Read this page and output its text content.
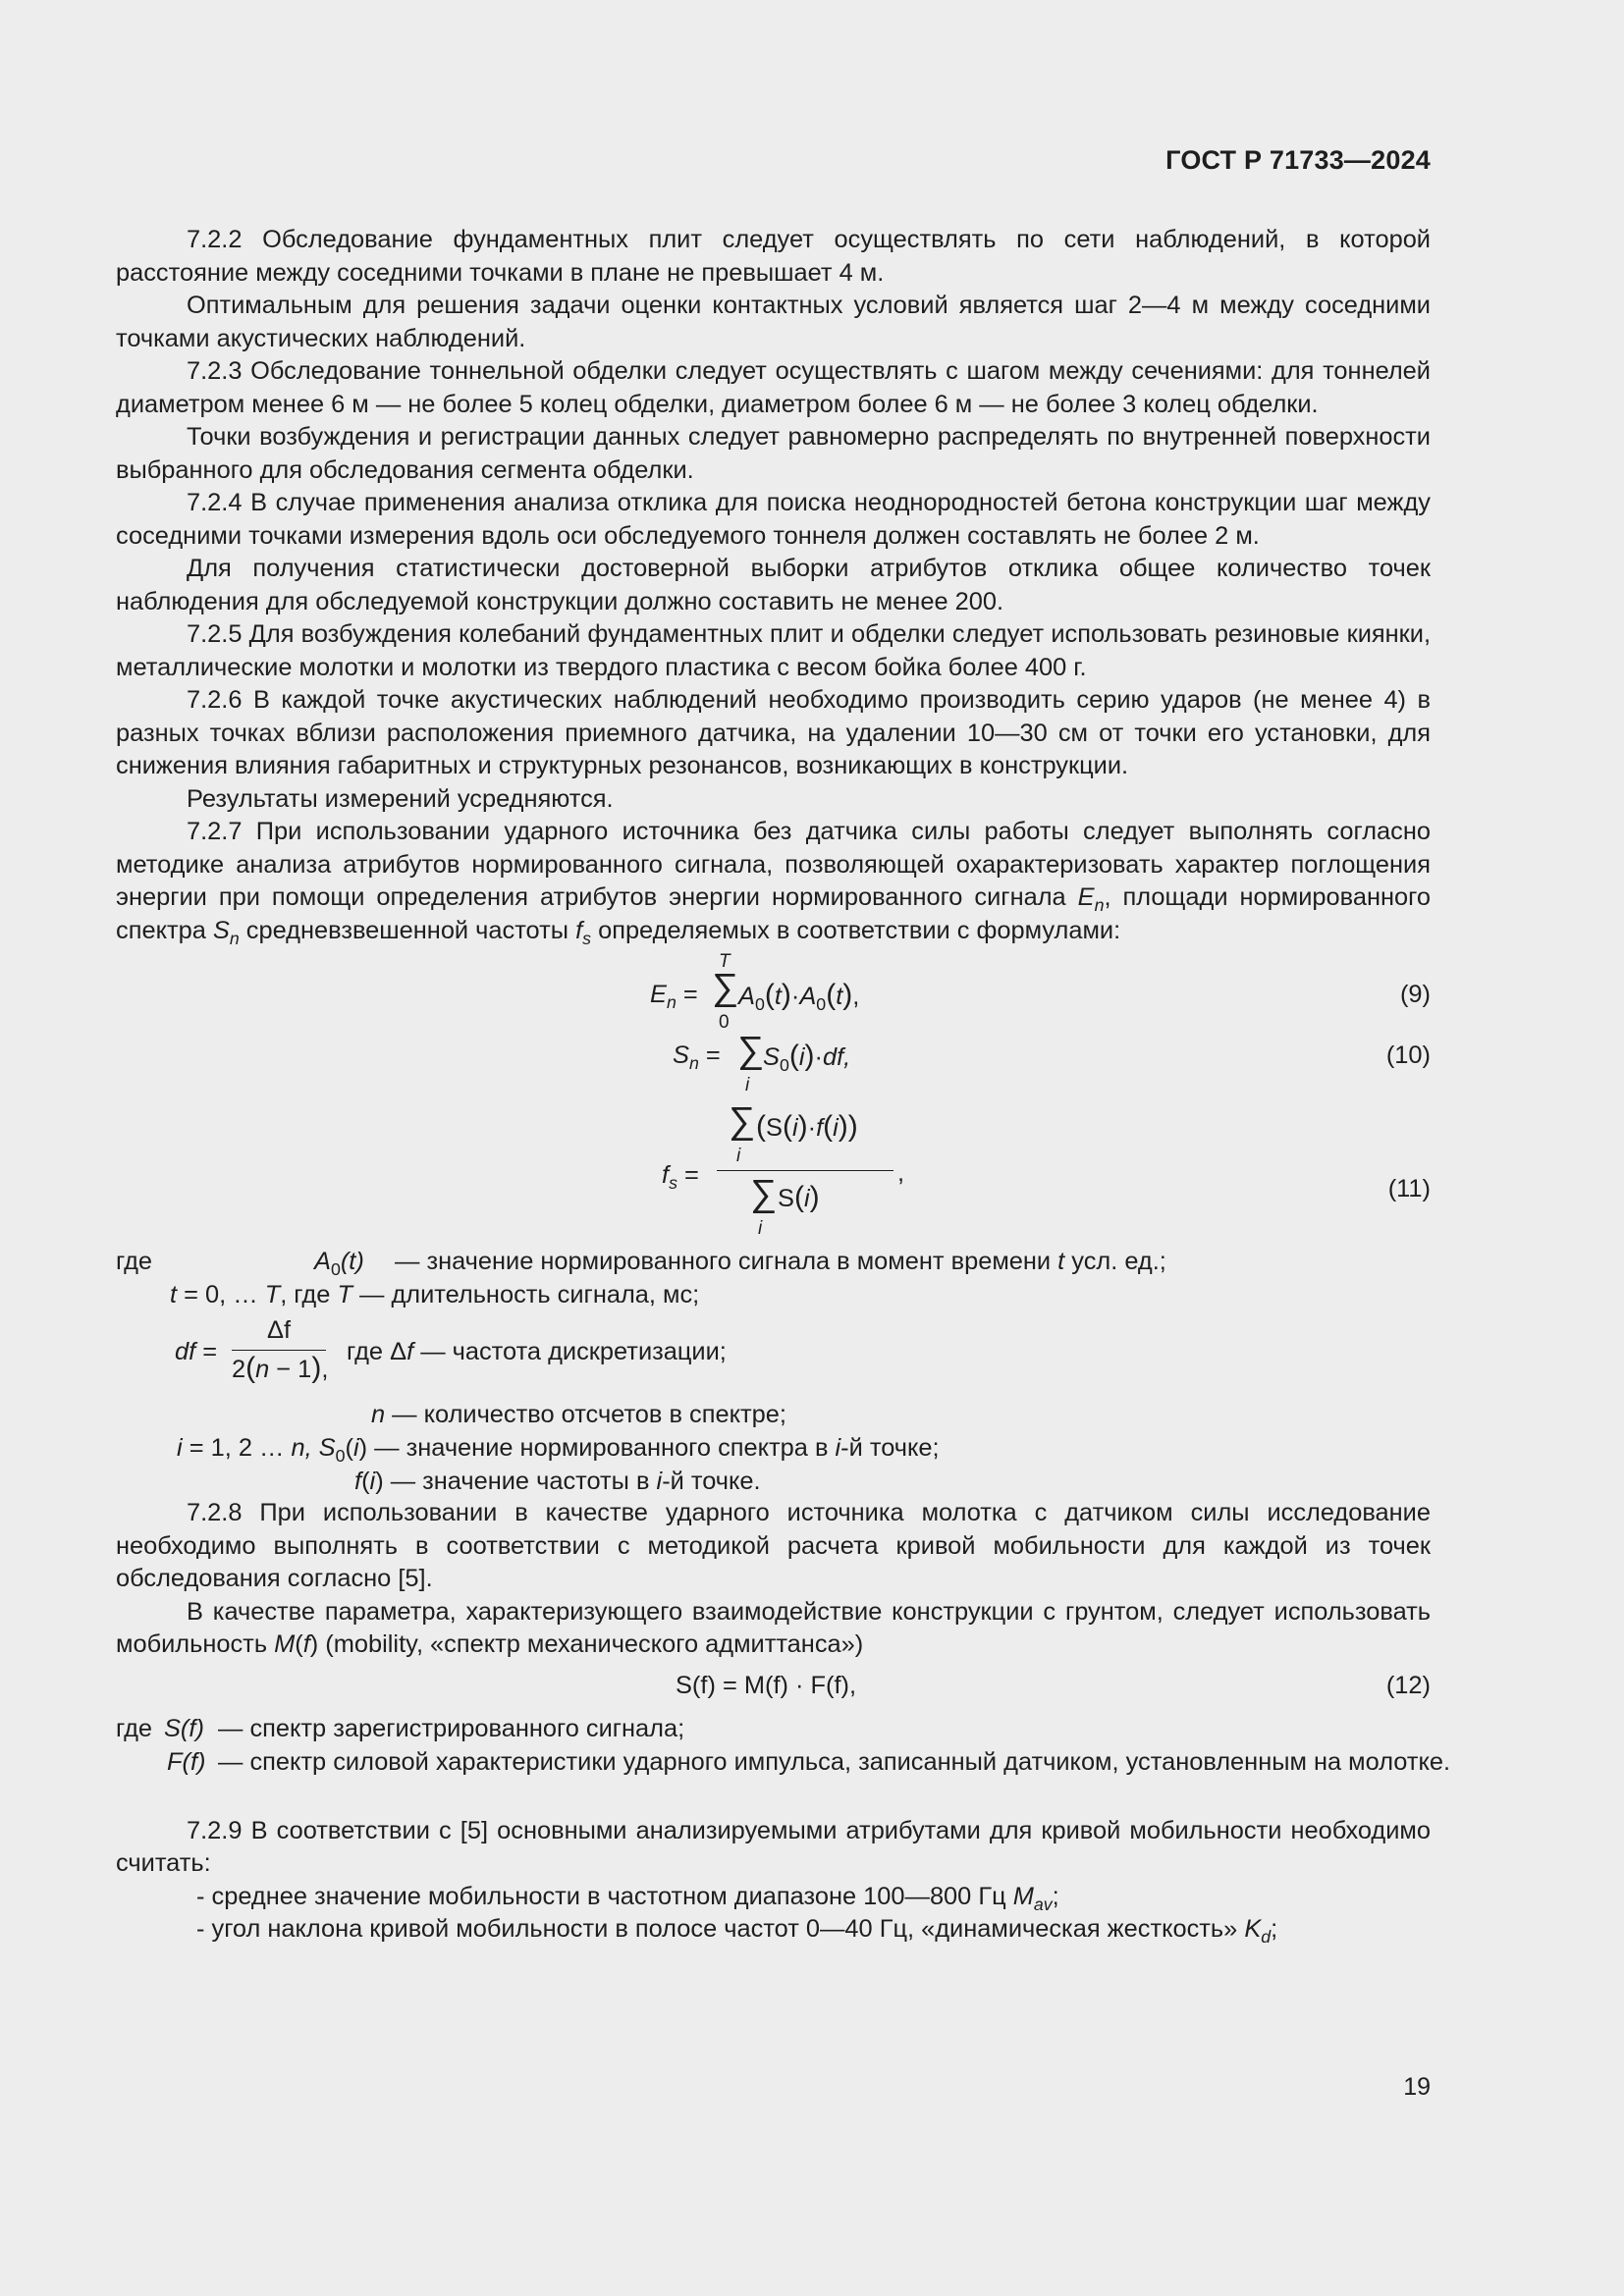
ГОСТ Р 71733—2024

7.2.2 Обследование фундаментных плит следует осуществлять по сети наблюдений, в которой расстояние между соседними точками в плане не превышает 4 м.

Оптимальным для решения задачи оценки контактных условий является шаг 2—4 м между соседними точками акустических наблюдений.

7.2.3 Обследование тоннельной обделки следует осуществлять с шагом между сечениями: для тоннелей диаметром менее 6 м — не более 5 колец обделки, диаметром более 6 м — не более 3 колец обделки.

Точки возбуждения и регистрации данных следует равномерно распределять по внутренней поверхности выбранного для обследования сегмента обделки.

7.2.4 В случае применения анализа отклика для поиска неоднородностей бетона конструкции шаг между соседними точками измерения вдоль оси обследуемого тоннеля должен составлять не более 2 м.

Для получения статистически достоверной выборки атрибутов отклика общее количество точек наблюдения для обследуемой конструкции должно составить не менее 200.

7.2.5 Для возбуждения колебаний фундаментных плит и обделки следует использовать резиновые киянки, металлические молотки и молотки из твердого пластика с весом бойка более 400 г.

7.2.6 В каждой точке акустических наблюдений необходимо производить серию ударов (не менее 4) в разных точках вблизи расположения приемного датчика, на удалении 10—30 см от точки его установки, для снижения влияния габаритных и структурных резонансов, возникающих в конструкции.

Результаты измерений усредняются.

7.2.7 При использовании ударного источника без датчика силы работы следует выполнять согласно методике анализа атрибутов нормированного сигнала, позволяющей охарактеризовать характер поглощения энергии при помощи определения атрибутов энергии нормированного сигнала $E_n$, площади нормированного спектра $S_n$ средневзвешенной частоты $f_s$ определяемых в соответствии с формулами:

$E_n$ =
T
∑
0
$A_0(t)\cdot A_0(t)$,	(9)
$S_n$ = ∑
i
$S_0(i)\cdot df$,	(10)
$f_s$ =
∑
i
(S(i)·f(i))
∑
i
S(i)
,
(11)
где	$A_0(t)$ — значение нормированного сигнала в момент времени t усл. ед.;
t = 0, … T, где T — длительность сигнала, мс;
df =
Δf
2(n − 1),
где Δf — частота дискретизации;
n — количество отсчетов в спектре;
i = 1, 2 … n, $S_0(i)$ — значение нормированного спектра в i-й точке;
f(i) — значение частоты в i-й точке.

7.2.8 При использовании в качестве ударного источника молотка с датчиком силы исследование необходимо выполнять в соответствии с методикой расчета кривой мобильности для каждой из точек обследования согласно [5].

В качестве параметра, характеризующего взаимодействие конструкции с грунтом, следует использовать мобильность M(f) (mobility, «спектр механического адмиттанса»)

S(f) = M(f) · F(f),	(12)
где S(f) — спектр зарегистрированного сигнала;
F(f) — спектр силовой характеристики ударного импульса, записанный датчиком, установленным на молотке.

7.2.9 В соответствии с [5] основными анализируемыми атрибутами для кривой мобильности необходимо считать:

- среднее значение мобильности в частотном диапазоне 100—800 Гц $M_{av}$;

- угол наклона кривой мобильности в полосе частот 0—40 Гц, «динамическая жесткость» $K_d$;

19
